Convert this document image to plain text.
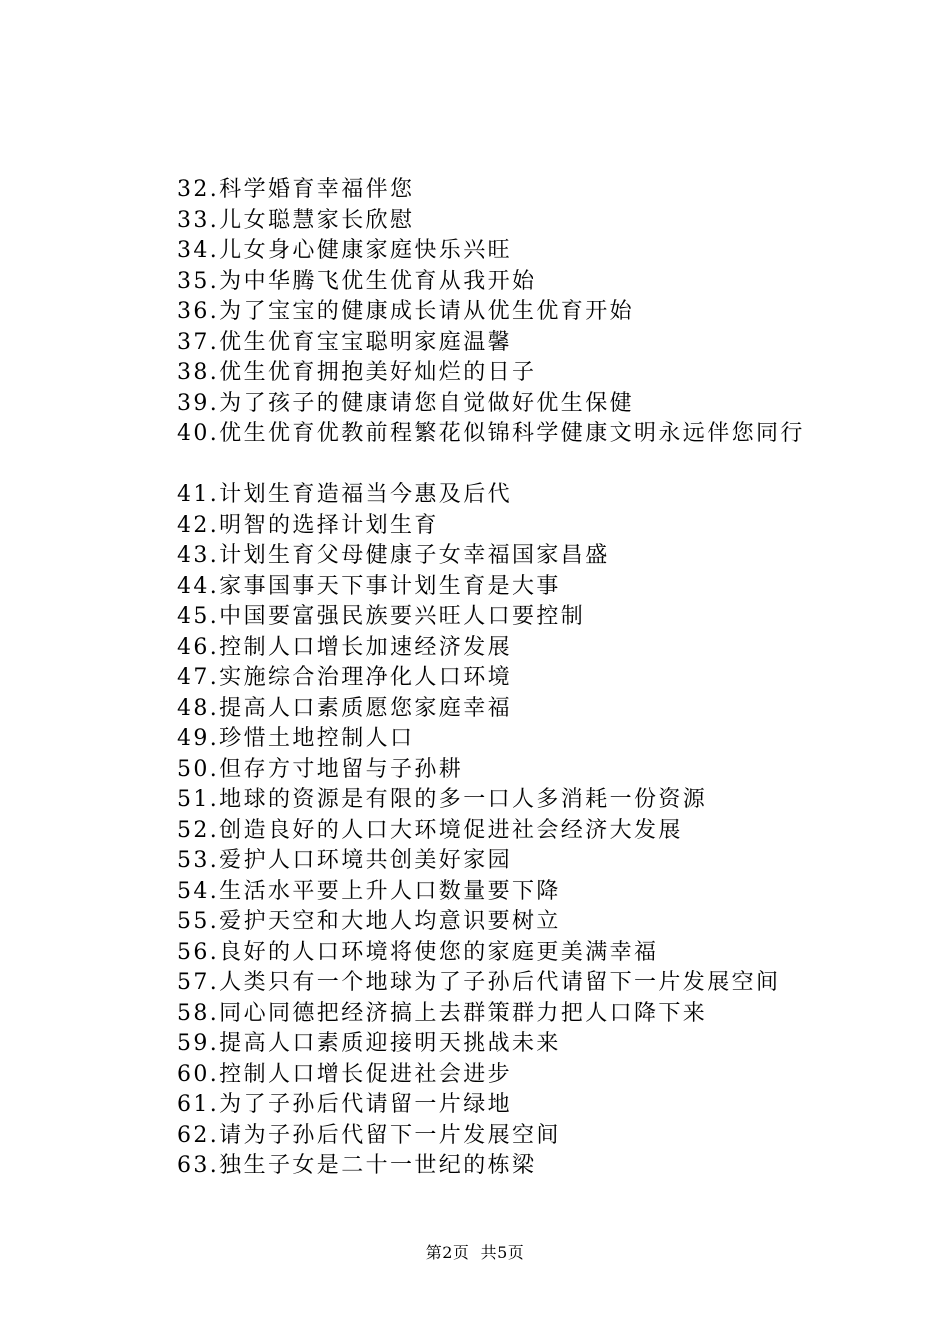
32.科学婚育幸福伴您
33.儿女聪慧家长欣慰
34.儿女身心健康家庭快乐兴旺
35.为中华腾飞优生优育从我开始
36.为了宝宝的健康成长请从优生优育开始
37.优生优育宝宝聪明家庭温馨
38.优生优育拥抱美好灿烂的日子
39.为了孩子的健康请您自觉做好优生保健
40.优生优育优教前程繁花似锦科学健康文明永远伴您同行
41.计划生育造福当今惠及后代
42.明智的选择计划生育
43.计划生育父母健康子女幸福国家昌盛
44.家事国事天下事计划生育是大事
45.中国要富强民族要兴旺人口要控制
46.控制人口增长加速经济发展
47.实施综合治理净化人口环境
48.提高人口素质愿您家庭幸福
49.珍惜土地控制人口
50.但存方寸地留与子孙耕
51.地球的资源是有限的多一口人多消耗一份资源
52.创造良好的人口大环境促进社会经济大发展
53.爱护人口环境共创美好家园
54.生活水平要上升人口数量要下降
55.爱护天空和大地人均意识要树立
56.良好的人口环境将使您的家庭更美满幸福
57.人类只有一个地球为了子孙后代请留下一片发展空间
58.同心同德把经济搞上去群策群力把人口降下来
59.提高人口素质迎接明天挑战未来
60.控制人口增长促进社会进步
61.为了子孙后代请留一片绿地
62.请为子孙后代留下一片发展空间
63.独生子女是二十一世纪的栋梁
第2页  共5页
